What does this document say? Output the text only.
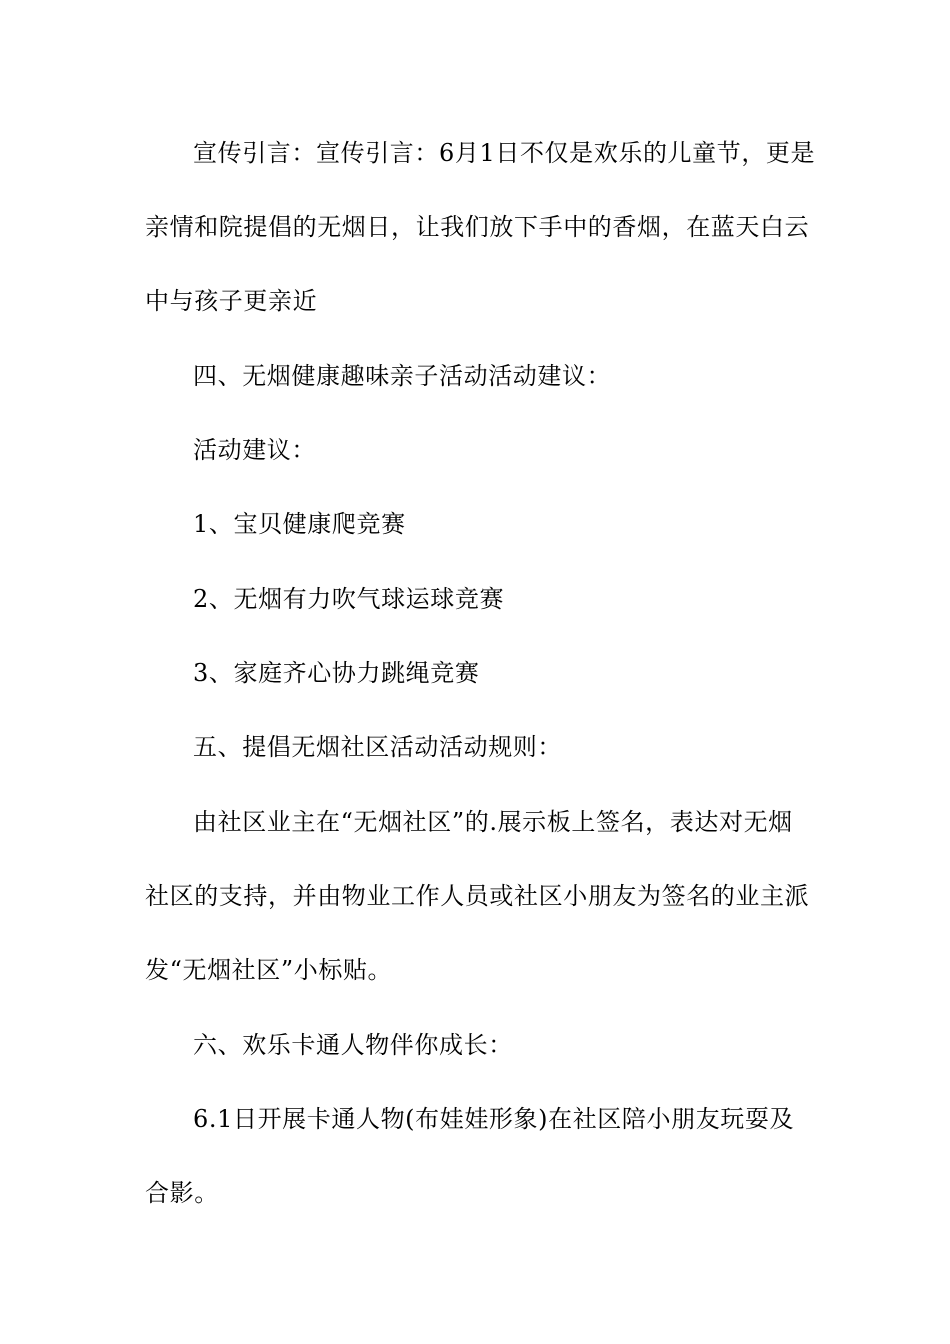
宣传引言：宣传引言：6月1日不仅是欢乐的儿童节，更是
亲情和院提倡的无烟日，让我们放下手中的香烟，在蓝天白云
中与孩子更亲近
四、无烟健康趣味亲子活动活动建议：
活动建议：
1、宝贝健康爬竞赛
2、无烟有力吹气球运球竞赛
3、家庭齐心协力跳绳竞赛
五、提倡无烟社区活动活动规则：
由社区业主在“无烟社区”的.展示板上签名，表达对无烟
社区的支持，并由物业工作人员或社区小朋友为签名的业主派
发“无烟社区”小标贴。
六、欢乐卡通人物伴你成长：
6.1日开展卡通人物(布娃娃形象)在社区陪小朋友玩耍及
合影。
